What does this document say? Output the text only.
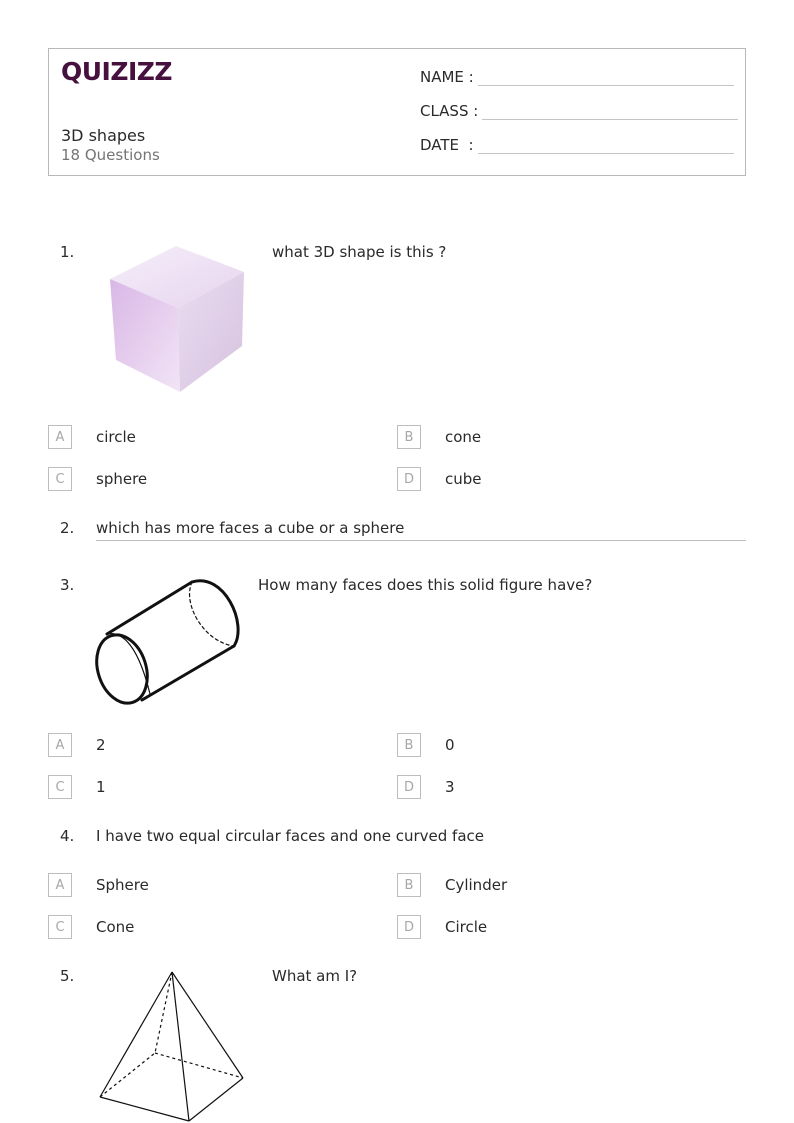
QUIZIZZ
3D shapes
18 Questions
NAME :
CLASS :
DATE  :
1.	what 3D shape is this ?
A	circle	B	cone
C	sphere	D	cube
2. which has more faces a cube or a sphere
3.	How many faces does this solid figure have?
A	2	B	0
C	1	D	3
4. I have two equal circular faces and one curved face
A	Sphere	B	Cylinder
C	Cone	D	Circle
5.	What am I?
